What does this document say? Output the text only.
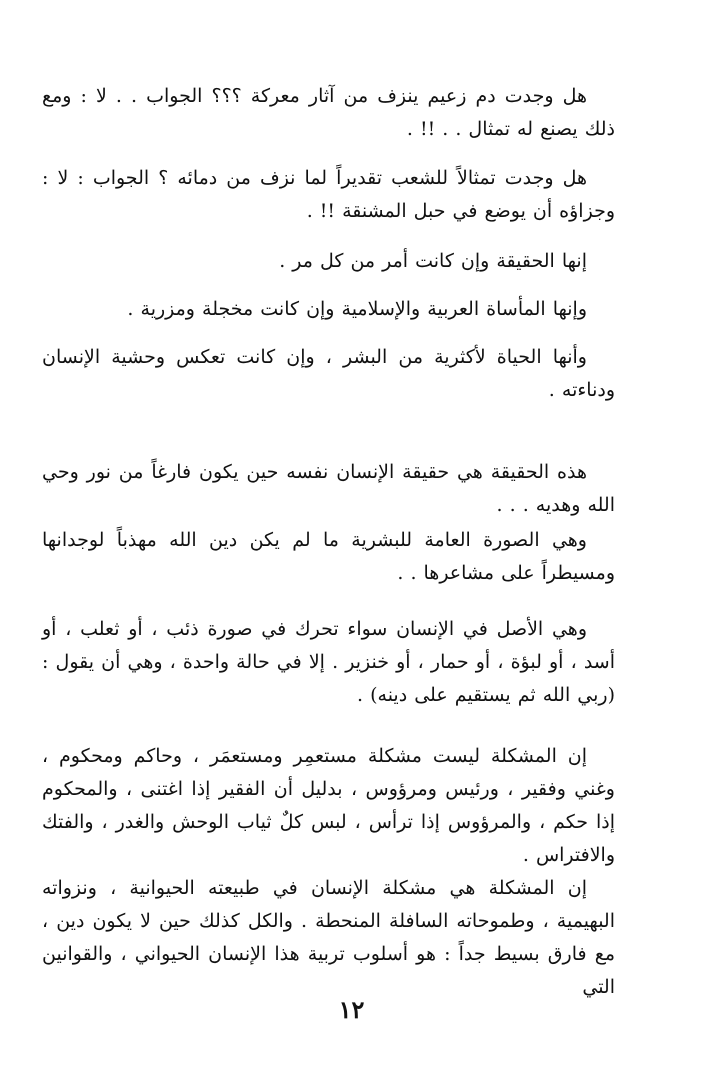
هل وجدت دم زعيم ينزف من آثار معركة ؟؟؟ الجواب . . لا : ومع ذلك يصنع له تمثال . . !! .

هل وجدت تمثالاً للشعب تقديراً لما نزف من دمائه ؟ الجواب : لا : وجزاؤه أن يوضع في حبل المشنقة !! .

إنها الحقيقة وإن كانت أمر من كل مر .

وإنها المأساة العربية والإسلامية وإن كانت مخجلة ومزرية .

وأنها الحياة لأكثرية من البشر ، وإن كانت تعكس وحشية الإنسان ودناءته .

هذه الحقيقة هي حقيقة الإنسان نفسه حين يكون فارغاً من نور وحي الله وهديه . . .

وهي الصورة العامة للبشرية ما لم يكن دين الله مهذباً لوجدانها ومسيطراً على مشاعرها . .

وهي الأصل في الإنسان سواء تحرك في صورة ذئب ، أو ثعلب ، أو أسد ، أو لبؤة ، أو حمار ، أو خنزير . إلا في حالة واحدة ، وهي أن يقول : (ربي الله ثم يستقيم على دينه) .

إن المشكلة ليست مشكلة مستعمِر ومستعمَر ، وحاكم ومحكوم ، وغني وفقير ، ورئيس ومرؤوس ، بدليل أن الفقير إذا اغتنى ، والمحكوم إذا حكم ، والمرؤوس إذا ترأس ، لبس كلٌ ثياب الوحش والغدر ، والفتك والافتراس .

إن المشكلة هي مشكلة الإنسان في طبيعته الحيوانية ، ونزواته البهيمية ، وطموحاته السافلة المنحطة . والكل كذلك حين لا يكون دين ، مع فارق بسيط جداً : هو أسلوب تربية هذا الإنسان الحيواني ، والقوانين التي

١٢
